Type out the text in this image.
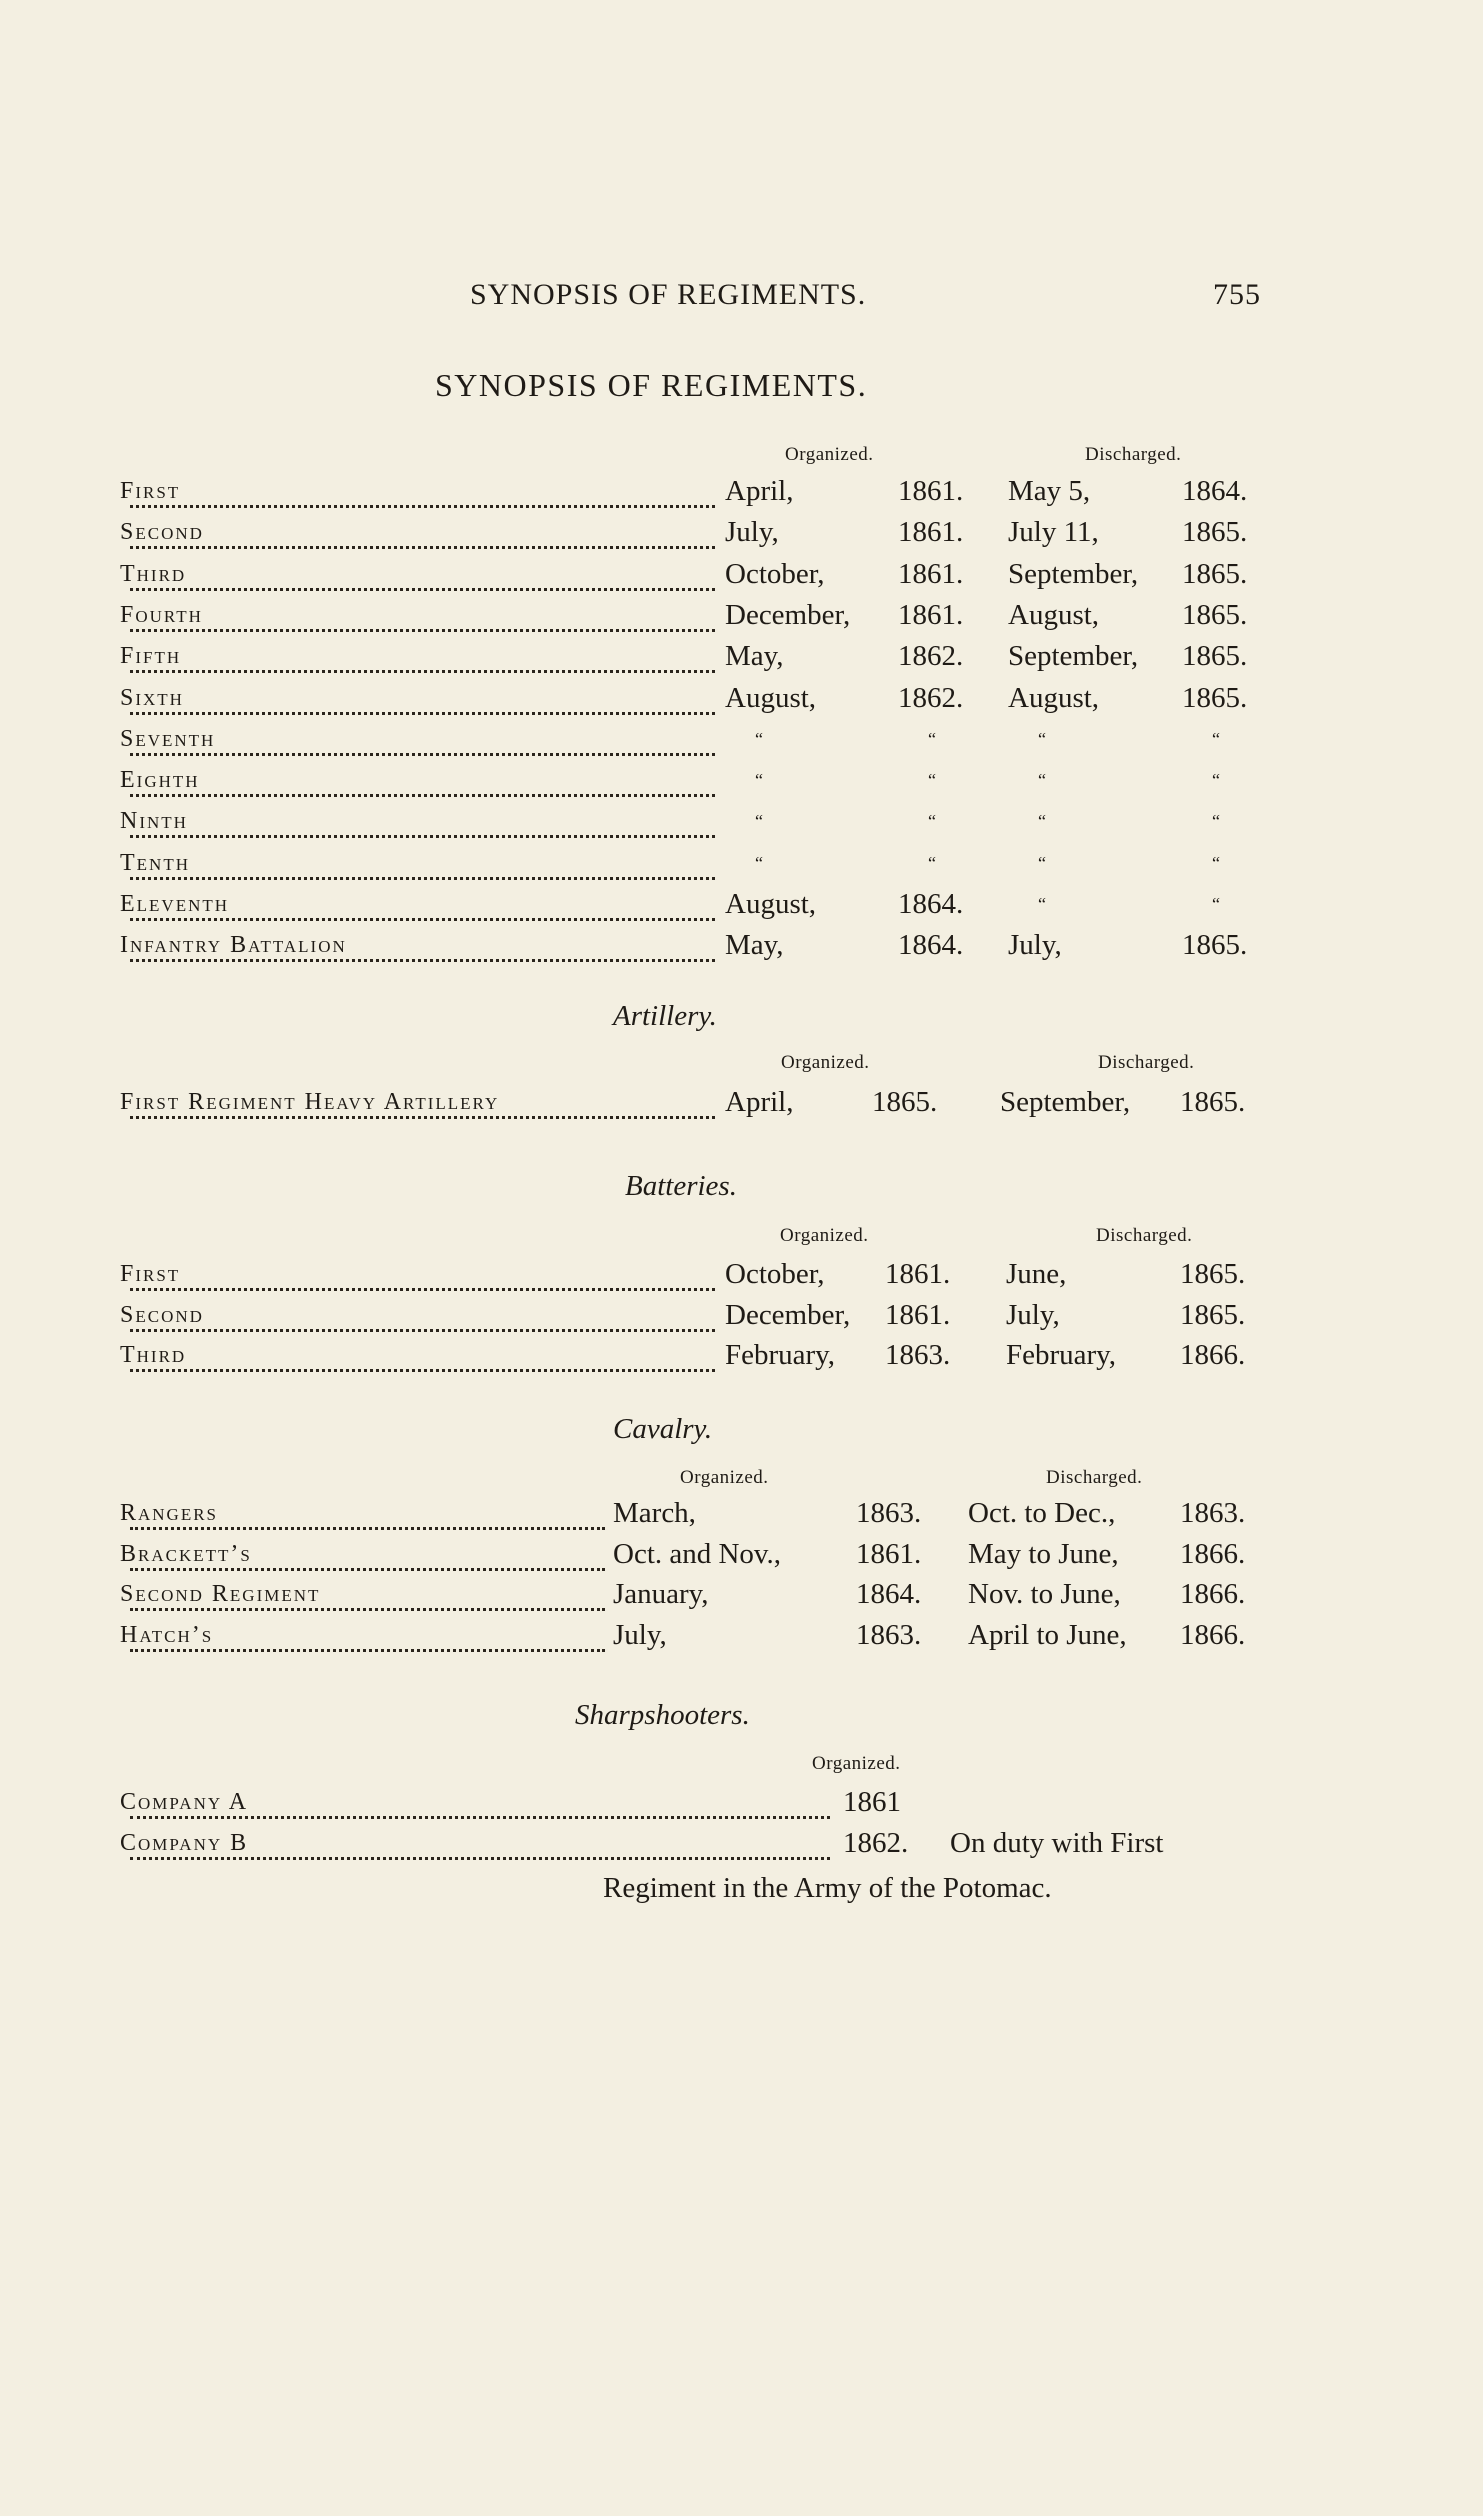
SYNOPSIS OF REGIMENTS.	755
SYNOPSIS OF REGIMENTS.
Organized.	Discharged.
First	April,	1861. May 5,	1864.
Second	July,	1861. July 11,	1865.
Third	October,	1861. September, 1865.
Fourth	December, 1861. August,	1865.
Fifth	May,	1862. September, 1865.
Sixth	August,	1862. August,	1865.
Seventh	“	“	“	“
Eighth	“	“	“	“
Ninth	“	“	“	“
Tenth	“	“	“	“
Eleventh	August,	1864.	“	“
Infantry Battalion	May,	1864. July,	1865.
Artillery.
Organized.	Discharged.
First Regiment Heavy Artillery	April,	1865. September, 1865.
Batteries.
Organized.	Discharged.
First	October, 1861. June,	1865.
Second	December, 1861. July,	1865.
Third	February, 1863. February, 1866.
Cavalry.
Organized.	Discharged.
Rangers	March,	1863. Oct. to Dec., 1863.
Brackett’s	Oct. and Nov.,	1861. May to June, 1866.
Second Regiment	January,	1864. Nov. to June, 1866.
Hatch’s	July,	1863. April to June, 1866.
Sharpshooters.
Organized.
Company A	1861
Company B	1862. On duty with First
Regiment in the Army of the Potomac.
